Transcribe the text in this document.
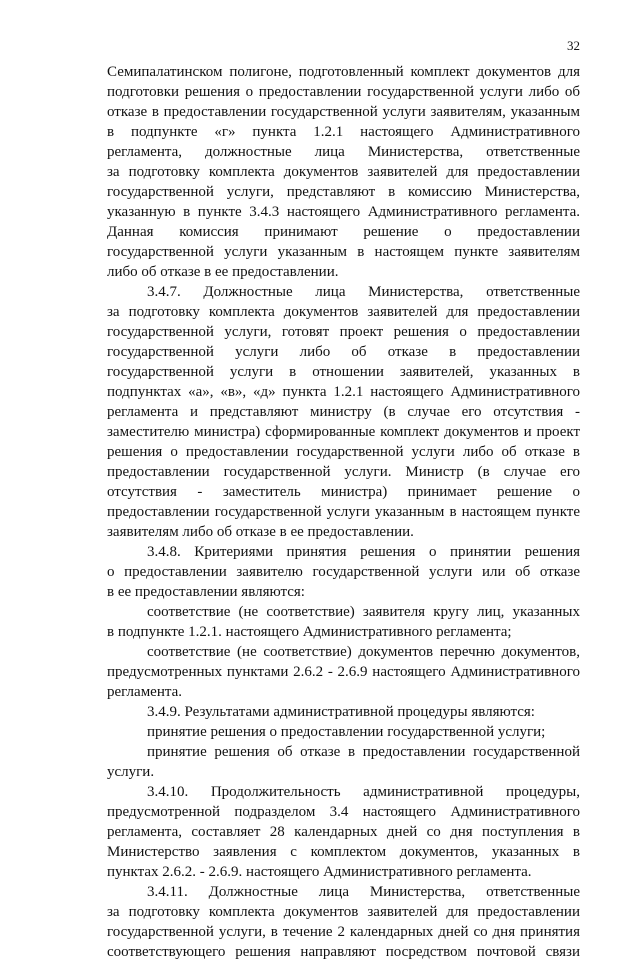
32
Семипалатинском полигоне, подготовленный комплект документов для
подготовки решения о предоставлении государственной услуги либо об
отказе в предоставлении государственной услуги заявителям, указанным
в подпункте «г» пункта 1.2.1 настоящего Административного
регламента, должностные лица Министерства, ответственные
за подготовку комплекта документов заявителей для предоставлении
государственной услуги, представляют в комиссию Министерства,
указанную в пункте 3.4.3 настоящего Административного регламента.
Данная комиссия принимают решение о предоставлении
государственной услуги указанным в настоящем пункте заявителям
либо об отказе в ее предоставлении.
3.4.7. Должностные лица Министерства, ответственные
за подготовку комплекта документов заявителей для предоставлении
государственной услуги, готовят проект решения о предоставлении
государственной услуги либо об отказе в предоставлении
государственной услуги в отношении заявителей, указанных в
подпунктах «а», «в», «д» пункта 1.2.1 настоящего Административного
регламента и представляют министру (в случае его отсутствия -
заместителю министра) сформированные комплект документов и проект
решения о предоставлении государственной услуги либо об отказе в
предоставлении государственной услуги. Министр (в случае его
отсутствия - заместитель министра) принимает решение о
предоставлении государственной услуги указанным в настоящем пункте
заявителям либо об отказе в ее предоставлении.
3.4.8. Критериями принятия решения о принятии решения
о предоставлении заявителю государственной услуги или об отказе
в ее предоставлении являются:
соответствие (не соответствие) заявителя кругу лиц, указанных
в подпункте 1.2.1. настоящего Административного регламента;
соответствие (не соответствие) документов перечню документов,
предусмотренных пунктами 2.6.2 - 2.6.9 настоящего Административного
регламента.
3.4.9. Результатами административной процедуры являются:
принятие решения о предоставлении государственной услуги;
принятие решения об отказе в предоставлении государственной
услуги.
3.4.10. Продолжительность административной процедуры,
предусмотренной подразделом 3.4 настоящего Административного
регламента, составляет 28 календарных дней со дня поступления в
Министерство заявления с комплектом документов, указанных в
пунктах 2.6.2. - 2.6.9. настоящего Административного регламента.
3.4.11. Должностные лица Министерства, ответственные
за подготовку комплекта документов заявителей для предоставлении
государственной услуги, в течение 2 календарных дней со дня принятия
соответствующего решения направляют посредством почтовой связи
